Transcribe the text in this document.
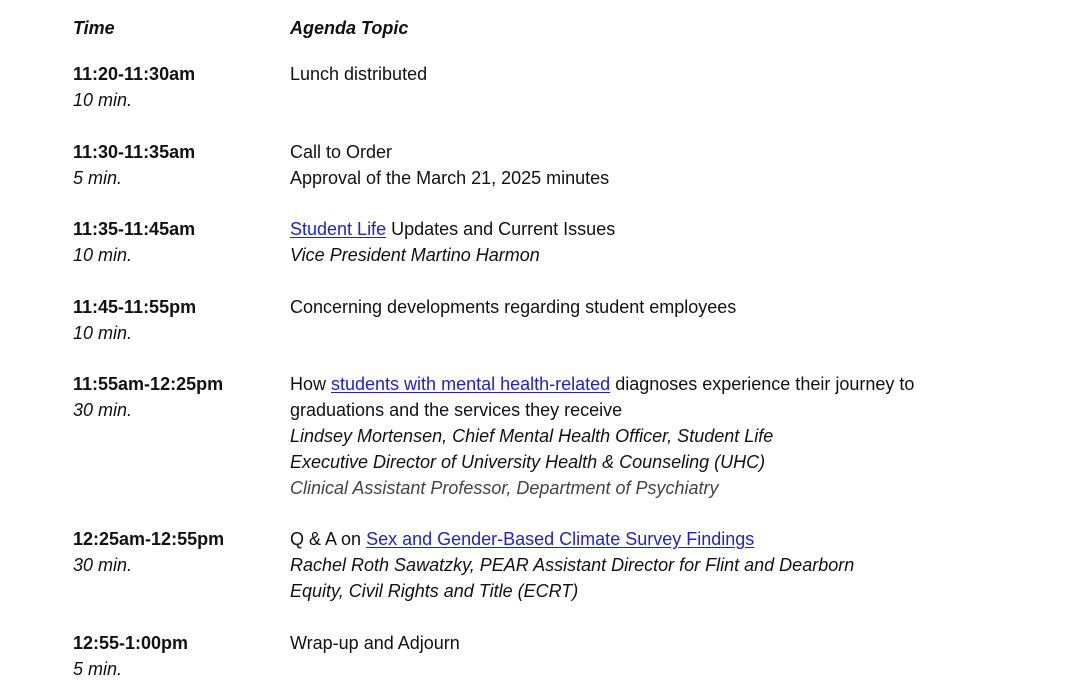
Time	Agenda Topic
11:20-11:30am
10 min.
Lunch distributed
11:30-11:35am
5 min.
Call to Order
Approval of the March 21, 2025 minutes
11:35-11:45am
10 min.
Student Life Updates and Current Issues
Vice President Martino Harmon
11:45-11:55pm
10 min.
Concerning developments regarding student employees
11:55am-12:25pm
30 min.
How students with mental health-related diagnoses experience their journey to
graduations and the services they receive
Lindsey Mortensen, Chief Mental Health Officer, Student Life
Executive Director of University Health & Counseling (UHC)
Clinical Assistant Professor, Department of Psychiatry
12:25am-12:55pm
30 min.
Q & A on Sex and Gender-Based Climate Survey Findings
Rachel Roth Sawatzky, PEAR Assistant Director for Flint and Dearborn
Equity, Civil Rights and Title (ECRT)
12:55-1:00pm
5 min.
Wrap-up and Adjourn
